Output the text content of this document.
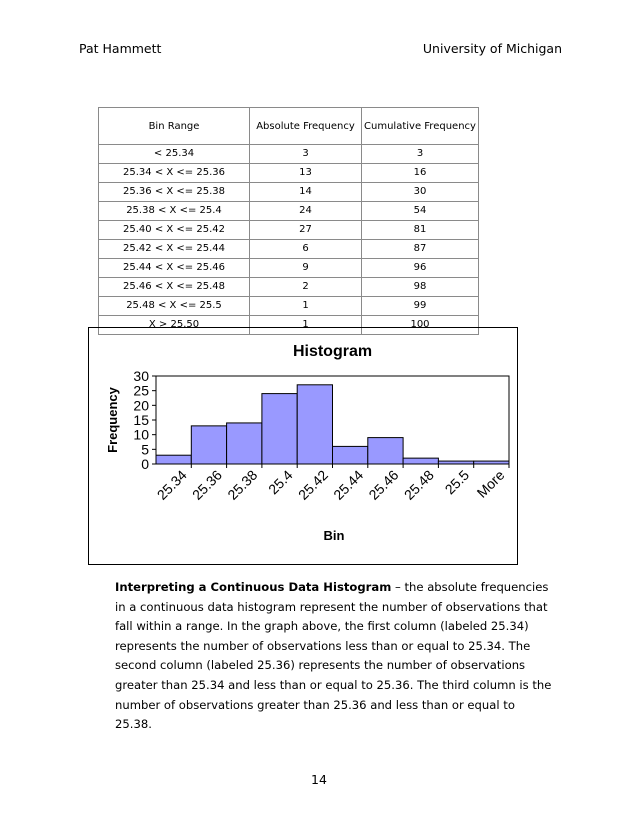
Pat Hammett	University of Michigan
Bin Range	Absolute Frequency	Cumulative Frequency
< 25.34	3	3
25.34 < X <= 25.36	13	16
25.36 < X <= 25.38	14	30
25.38 < X <= 25.4	24	54
25.40 < X <= 25.42	27	81
25.42 < X <= 25.44	6	87
25.44 < X <= 25.46	9	96
25.46 < X <= 25.48	2	98
25.48 < X <= 25.5	1	99
X > 25.50	1	100
Histogram
0
5
10
15
20
25
30
25.34 25.36 25.38 25.4 25.42 25.44 25.46 25.48 25.5 More
Bin
Frequency
Interpreting a Continuous Data Histogram – the absolute frequencies in a continuous data histogram represent the number of observations that fall within a range. In the graph above, the first column (labeled 25.34) represents the number of observations less than or equal to 25.34. The second column (labeled 25.36) represents the number of observations greater than 25.34 and less than or equal to 25.36. The third column is the number of observations greater than 25.36 and less than or equal to 25.38.
14
